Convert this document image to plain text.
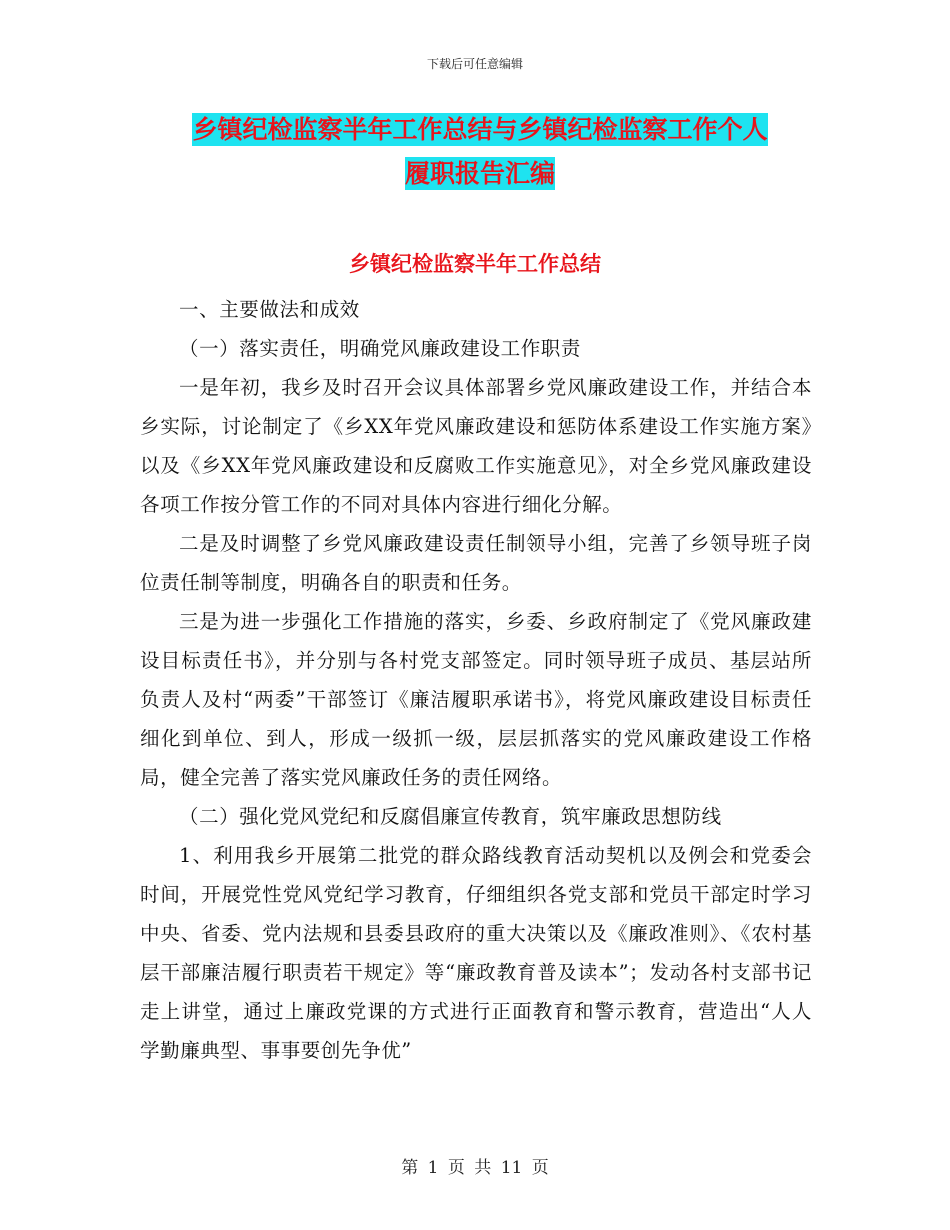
下载后可任意编辑
乡镇纪检监察半年工作总结与乡镇纪检监察工作个人
履职报告汇编
乡镇纪检监察半年工作总结

一、主要做法和成效

（一）落实责任，明确党风廉政建设工作职责

一是年初，我乡及时召开会议具体部署乡党风廉政建设工作，并结合本乡实际，讨论制定了《乡XX年党风廉政建设和惩防体系建设工作实施方案》以及《乡XX年党风廉政建设和反腐败工作实施意见》，对全乡党风廉政建设各项工作按分管工作的不同对具体内容进行细化分解。

二是及时调整了乡党风廉政建设责任制领导小组，完善了乡领导班子岗位责任制等制度，明确各自的职责和任务。

三是为进一步强化工作措施的落实，乡委、乡政府制定了《党风廉政建设目标责任书》，并分别与各村党支部签定。同时领导班子成员、基层站所负责人及村“两委”干部签订《廉洁履职承诺书》，将党风廉政建设目标责任细化到单位、到人，形成一级抓一级，层层抓落实的党风廉政建设工作格局，健全完善了落实党风廉政任务的责任网络。

（二）强化党风党纪和反腐倡廉宣传教育，筑牢廉政思想防线

1、利用我乡开展第二批党的群众路线教育活动契机以及例会和党委会时间，开展党性党风党纪学习教育，仔细组织各党支部和党员干部定时学习中央、省委、党内法规和县委县政府的重大决策以及《廉政准则》、《农村基层干部廉洁履行职责若干规定》等“廉政教育普及读本”；发动各村支部书记走上讲堂，通过上廉政党课的方式进行正面教育和警示教育，营造出“人人学勤廉典型、事事要创先争优”

第 1 页 共 11 页
